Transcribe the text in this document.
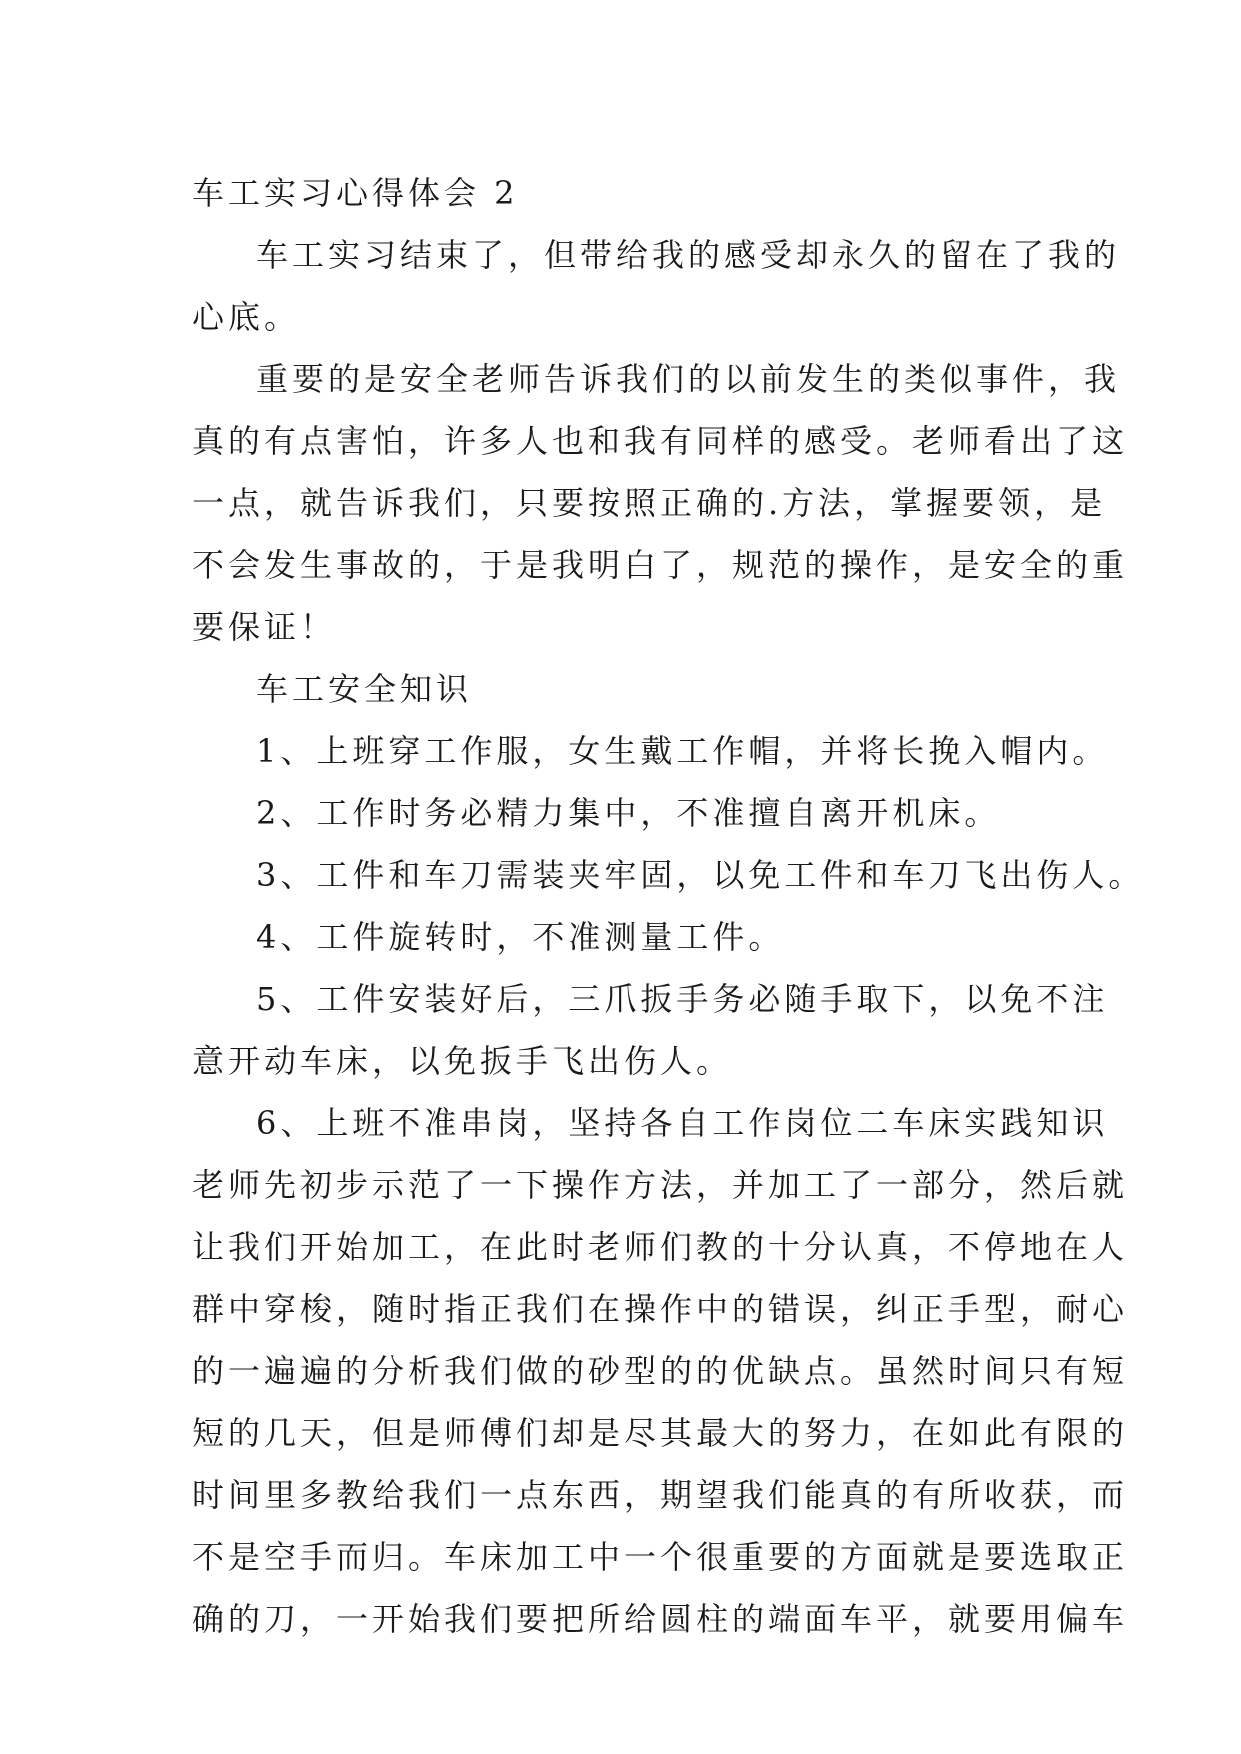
车工实习心得体会 2
车工实习结束了，但带给我的感受却永久的留在了我的
心底。
重要的是安全老师告诉我们的以前发生的类似事件，我
真的有点害怕，许多人也和我有同样的感受。老师看出了这
一点，就告诉我们，只要按照正确的.方法，掌握要领，是
不会发生事故的，于是我明白了，规范的操作，是安全的重
要保证！
车工安全知识
1、上班穿工作服，女生戴工作帽，并将长挽入帽内。
2、工作时务必精力集中，不准擅自离开机床。
3、工件和车刀需装夹牢固，以免工件和车刀飞出伤人。
4、工件旋转时，不准测量工件。
5、工件安装好后，三爪扳手务必随手取下，以免不注
意开动车床，以免扳手飞出伤人。
6、上班不准串岗，坚持各自工作岗位二车床实践知识
老师先初步示范了一下操作方法，并加工了一部分，然后就
让我们开始加工，在此时老师们教的十分认真，不停地在人
群中穿梭，随时指正我们在操作中的错误，纠正手型，耐心
的一遍遍的分析我们做的砂型的的优缺点。虽然时间只有短
短的几天，但是师傅们却是尽其最大的努力，在如此有限的
时间里多教给我们一点东西，期望我们能真的有所收获，而
不是空手而归。车床加工中一个很重要的方面就是要选取正
确的刀，一开始我们要把所给圆柱的端面车平，就要用偏车
